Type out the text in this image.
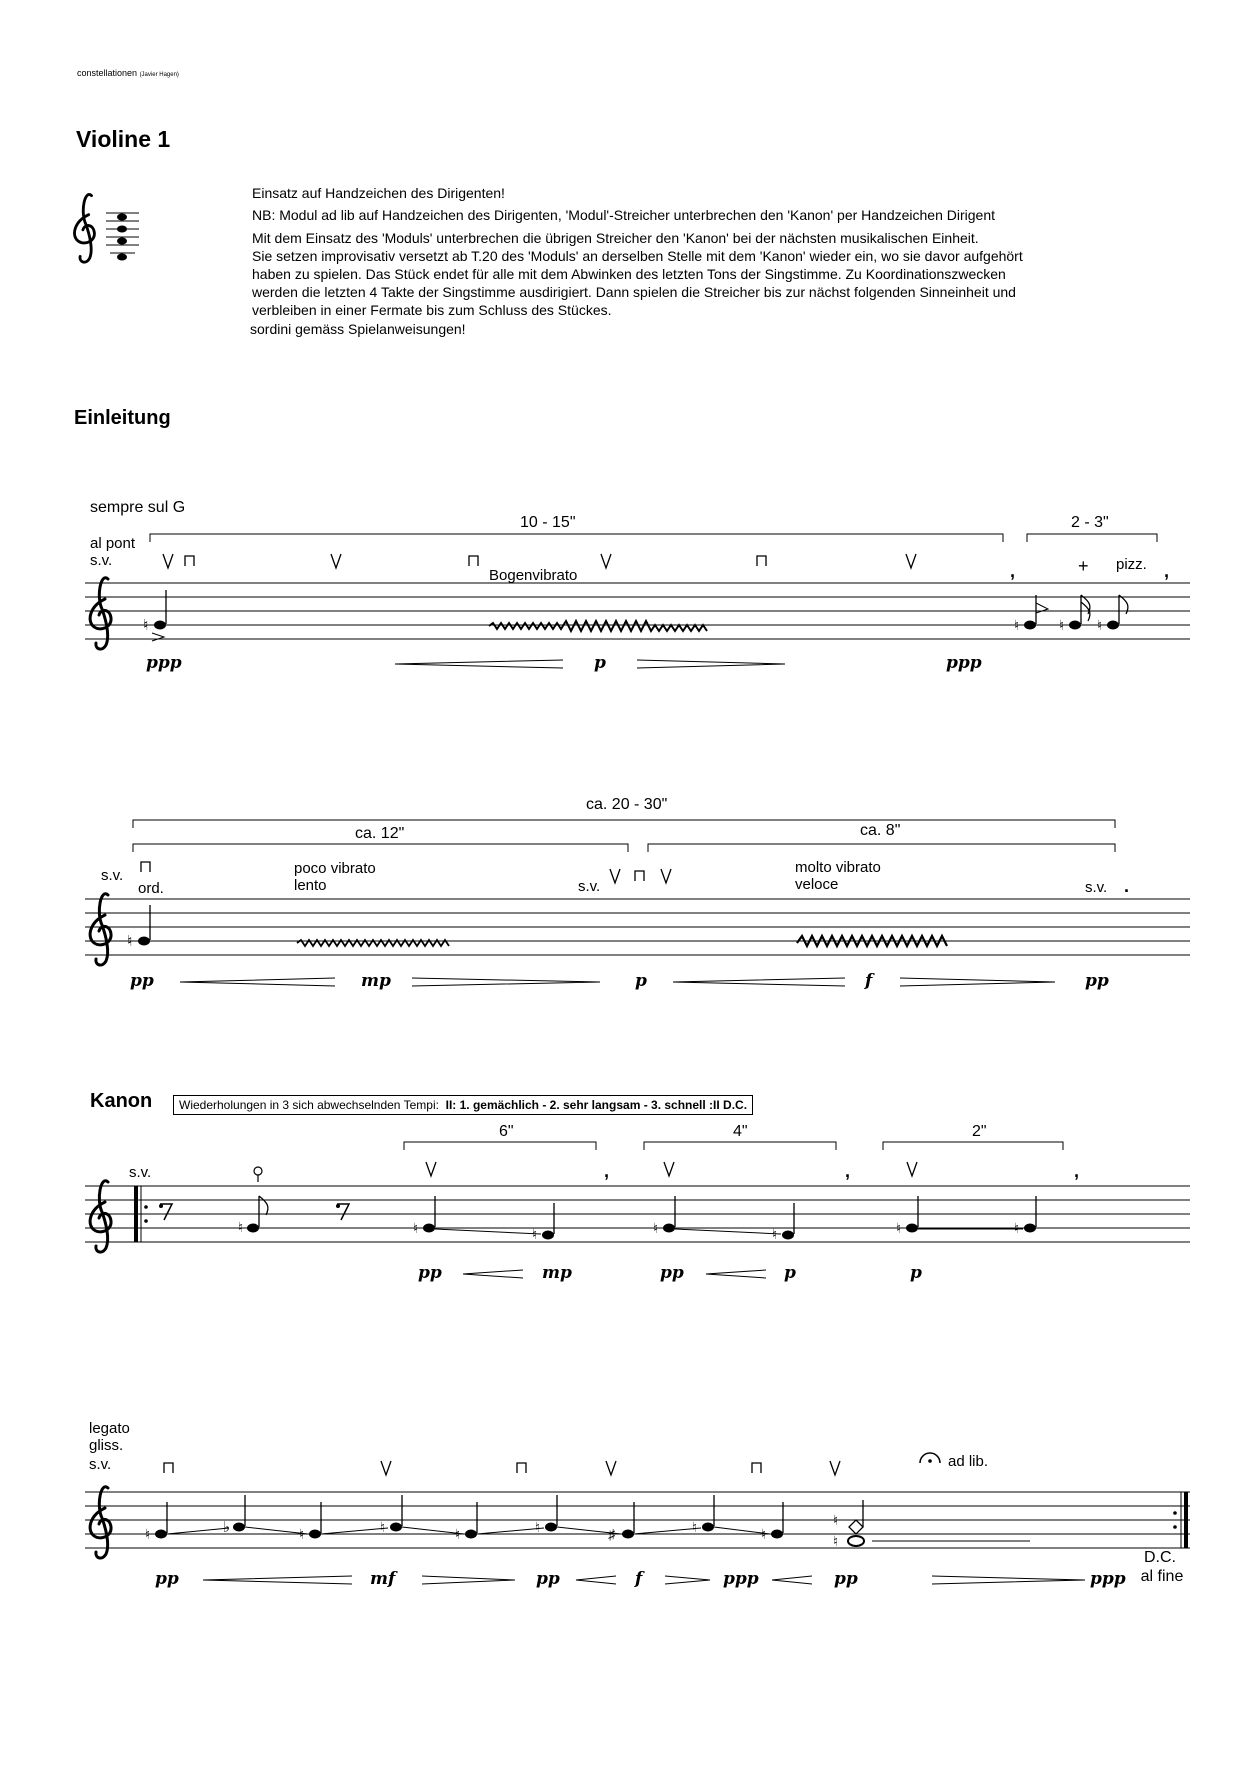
constellationen (Javier Hagen)
Violine 1
Einsatz auf Handzeichen des Dirigenten!
NB: Modul ad lib auf Handzeichen des Dirigenten, 'Modul'-Streicher unterbrechen den 'Kanon' per Handzeichen Dirigent
Mit dem Einsatz des 'Moduls' unterbrechen die übrigen Streicher den 'Kanon' bei der nächsten musikalischen Einheit.
Sie setzen improvisativ versetzt ab T.20 des 'Moduls' an derselben Stelle mit dem 'Kanon' wieder ein, wo sie davor aufgehört
haben zu spielen. Das Stück endet für alle mit dem Abwinken des letzten Tons der Singstimme. Zu Koordinationszwecken
werden die letzten 4 Takte der Singstimme ausdirigiert. Dann spielen die Streicher bis zur nächst folgenden Sinneinheit und
verbleiben in einer Fermate bis zum Schluss des Stückes.
sordini gemäss Spielanweisungen!
Einleitung
Kanon	Wiederholungen in 3 sich abwechselnden Tempi: II: 1. gemächlich - 2. sehr langsam - 3. schnell :II D.C.
sempre sul G
al pont
s.v.
10 - 15"	2 - 3"
Bogenvibrato	+ pizz.
,	,
♮	♮	♮ ♮
ppp	p	ppp
ca. 20 - 30"
ca. 12"	ca. 8"
s.v.
ord.
poco vibrato
lento	s.v.
molto vibrato
veloce	s.v. .
♮
pp	mp	p	f	pp
s.v.
♮
6"	4"	2"
,	,	,
♮	♮	♮	♮	♮	♮
pp	mp	pp	p	p
legato
gliss.
s.v.	ad lib.
♮	♭	♮	♮	♮	♮	♯	♮	♮
♮
♮
D.C.
al fine
pp	mf	pp	f	ppp	pp	ppp
